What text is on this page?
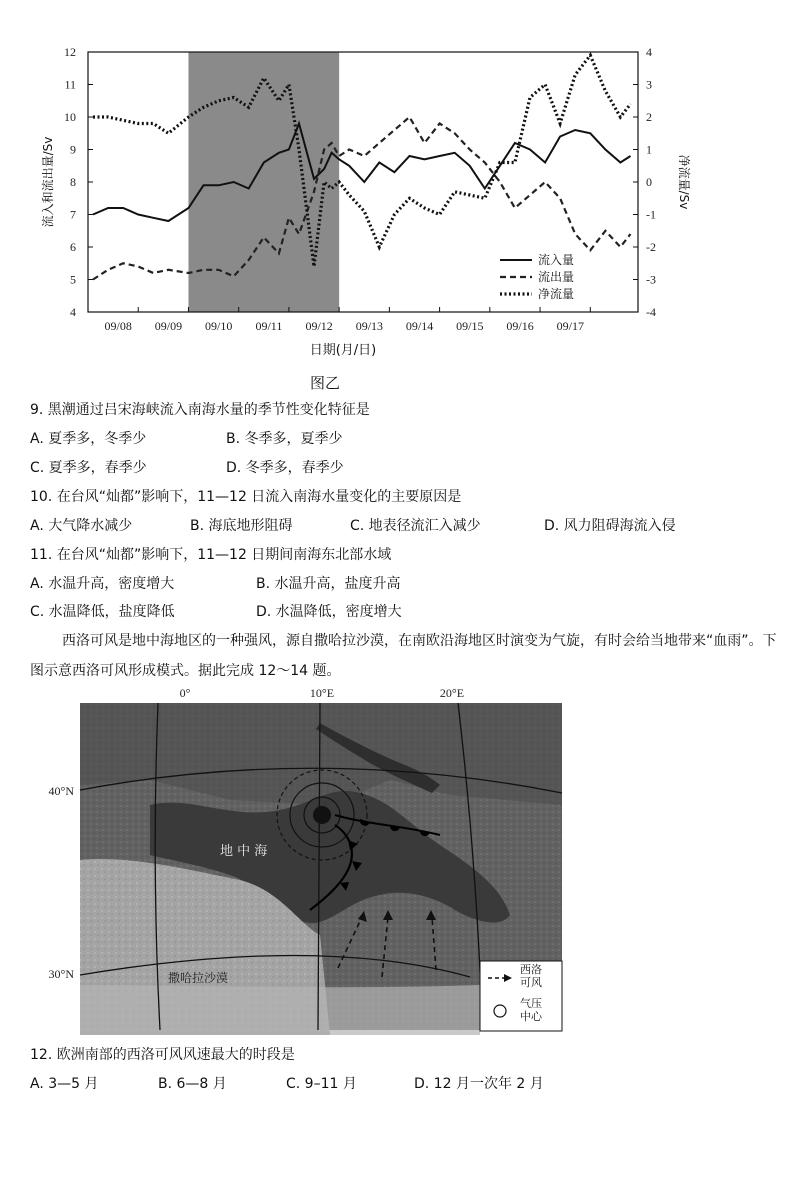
12
11
10
9
8
7
6
5
4
4
3
2
1
0
-1
-2
-3
-4
09/08 09/09 09/10 09/11 09/12 09/13 09/14 09/15 09/16 09/17
日期(月/日)
流入和流出量/Sv	净流量/Sv
流入量
流出量
净流量
图乙
9. 黑潮通过吕宋海峡流入南海水量的季节性变化特征是
A. 夏季多，冬季少	B. 冬季多，夏季少
C. 夏季多，春季少	D. 冬季多，春季少
10. 在台风“灿都”影响下，11—12 日流入南海水量变化的主要原因是
A. 大气降水减少	B. 海底地形阻碍	C. 地表径流汇入减少	D. 风力阻碍海流入侵
11. 在台风“灿都”影响下，11—12 日期间南海东北部水域
A. 水温升高，密度增大	B. 水温升高，盐度升高
C. 水温降低，盐度降低	D. 水温降低，密度增大
西洛可风是地中海地区的一种强风，源自撒哈拉沙漠，在南欧沿海地区时演变为气旋，有时会给当地带来“血雨”。下图示意西洛可风形成模式。据此完成 12～14 题。
0°	10°E	20°E
40°N
30°N
地 中 海
撒哈拉沙漠
西洛可风
气压中心
12. 欧洲南部的西洛可风风速最大的时段是
A. 3—5 月	B. 6—8 月	C. 9–11 月	D. 12 月一次年 2 月
